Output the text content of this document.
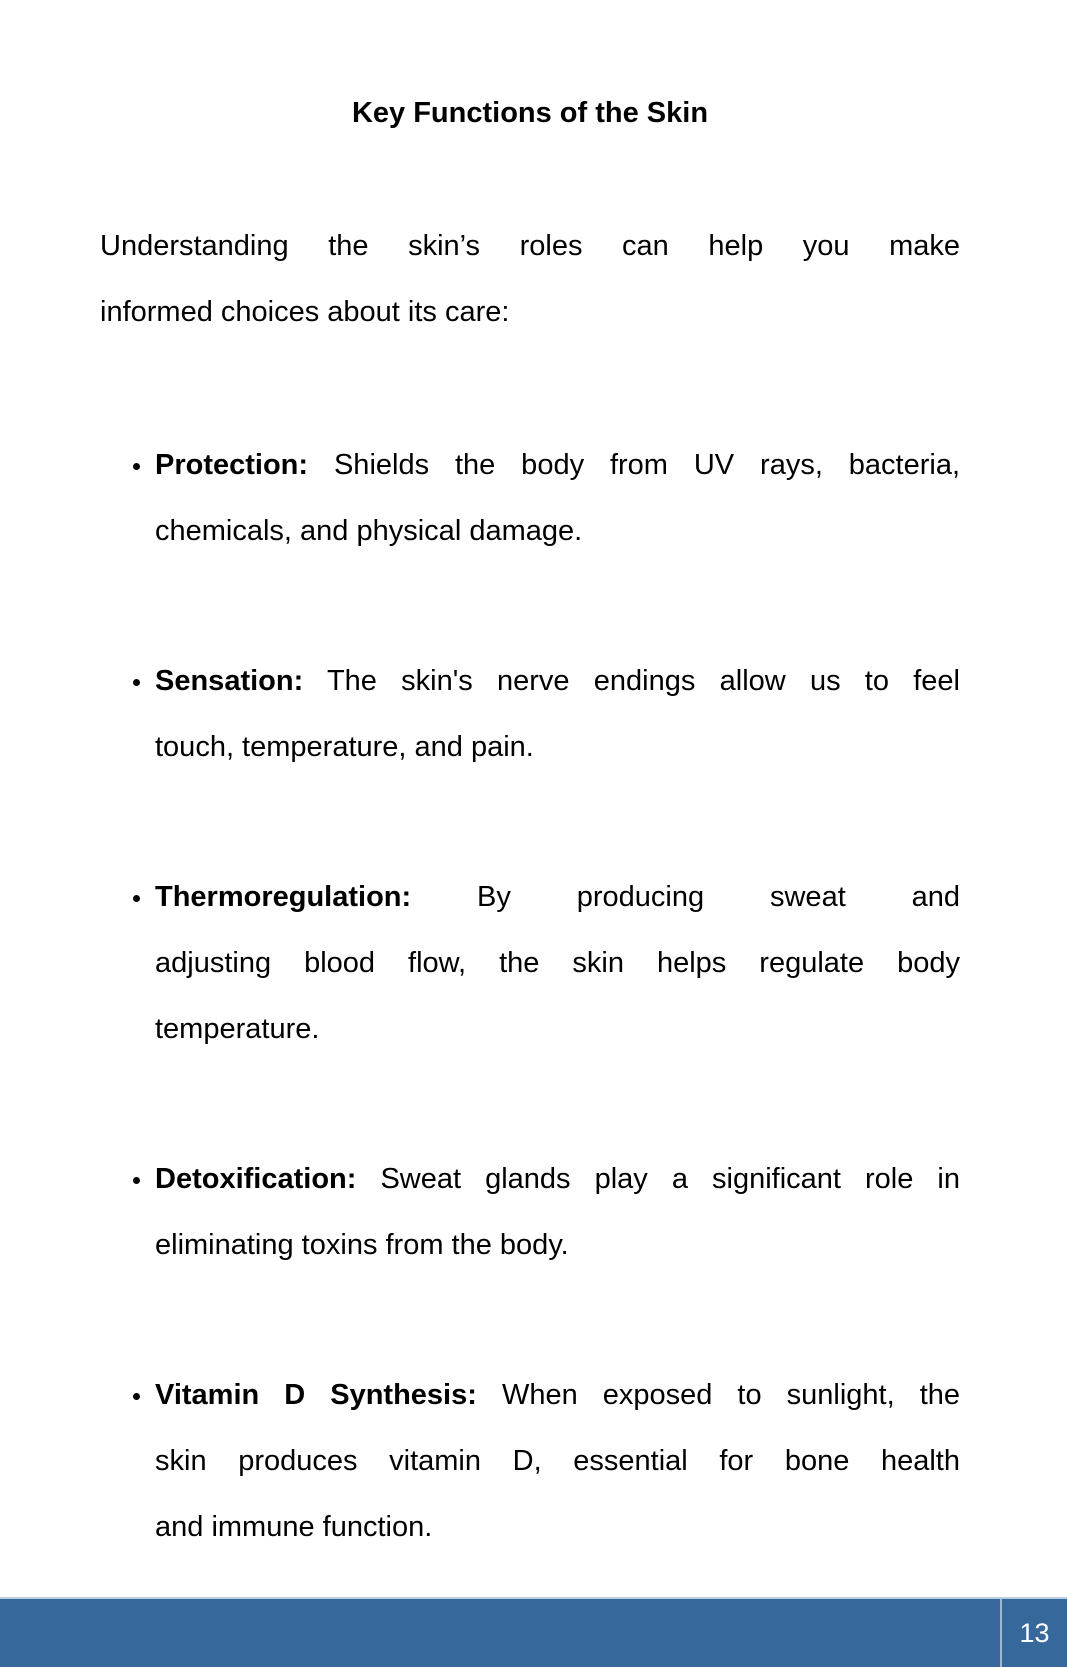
Key Functions of the Skin
Understanding the skin’s roles can help you make
informed choices about its care:
Protection: Shields the body from UV rays, bacteria,
chemicals, and physical damage.
Sensation: The skin's nerve endings allow us to feel
touch, temperature, and pain.
Thermoregulation: By producing sweat and
adjusting blood flow, the skin helps regulate body
temperature.
Detoxification: Sweat glands play a significant role in
eliminating toxins from the body.
Vitamin D Synthesis: When exposed to sunlight, the
skin produces vitamin D, essential for bone health
and immune function.
13
